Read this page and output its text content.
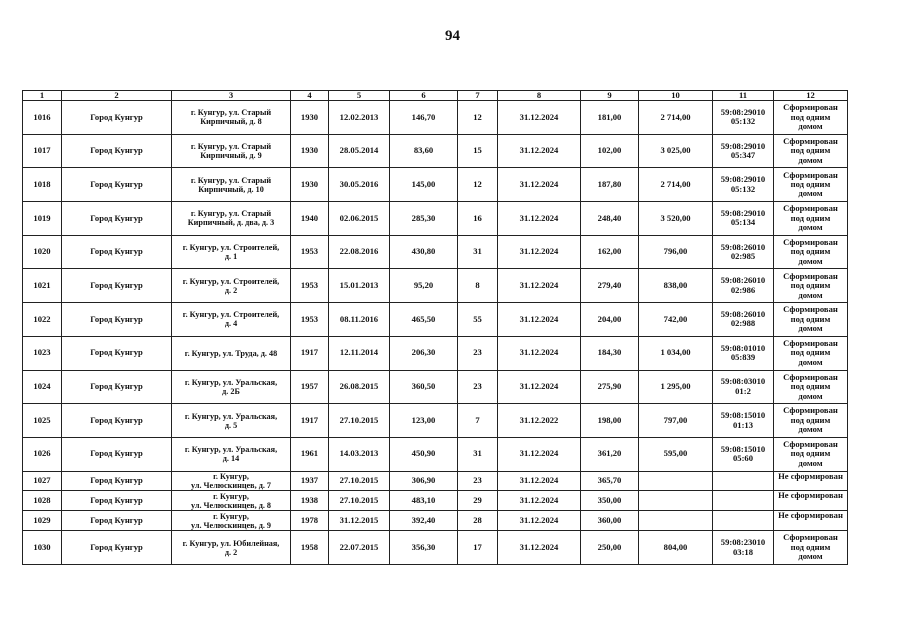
94
1	2	3	4	5	6	7	8	9	10	11	12
1016	Город Кунгур	г. Кунгур, ул. Старый
Кирпичный, д. 8	1930	12.02.2013	146,70	12	31.12.2024	181,00	2 714,00	59:08:29010
05:132	Сформирован
под одним
домом
1017	Город Кунгур	г. Кунгур, ул. Старый
Кирпичный, д. 9	1930	28.05.2014	83,60	15	31.12.2024	102,00	3 025,00	59:08:29010
05:347	Сформирован
под одним
домом
1018	Город Кунгур	г. Кунгур, ул. Старый
Кирпичный, д. 10	1930	30.05.2016	145,00	12	31.12.2024	187,80	2 714,00	59:08:29010
05:132	Сформирован
под одним
домом
1019	Город Кунгур	г. Кунгур, ул. Старый
Кирпичный, д. два, д. 3	1940	02.06.2015	285,30	16	31.12.2024	248,40	3 520,00	59:08:29010
05:134	Сформирован
под одним
домом
1020	Город Кунгур	г. Кунгур, ул. Строителей,
д. 1	1953	22.08.2016	430,80	31	31.12.2024	162,00	796,00	59:08:26010
02:985	Сформирован
под одним
домом
1021	Город Кунгур	г. Кунгур, ул. Строителей,
д. 2	1953	15.01.2013	95,20	8	31.12.2024	279,40	838,00	59:08:26010
02:986	Сформирован
под одним
домом
1022	Город Кунгур	г. Кунгур, ул. Строителей,
д. 4	1953	08.11.2016	465,50	55	31.12.2024	204,00	742,00	59:08:26010
02:988	Сформирован
под одним
домом
1023	Город Кунгур	г. Кунгур, ул. Труда, д. 48	1917	12.11.2014	206,30	23	31.12.2024	184,30	1 034,00	59:08:01010
05:839	Сформирован
под одним
домом
1024	Город Кунгур	г. Кунгур, ул. Уральская,
д. 2Б	1957	26.08.2015	360,50	23	31.12.2024	275,90	1 295,00	59:08:03010
01:2	Сформирован
под одним
домом
1025	Город Кунгур	г. Кунгур, ул. Уральская,
д. 5	1917	27.10.2015	123,00	7	31.12.2022	198,00	797,00	59:08:15010
01:13	Сформирован
под одним
домом
1026	Город Кунгур	г. Кунгур, ул. Уральская,
д. 14	1961	14.03.2013	450,90	31	31.12.2024	361,20	595,00	59:08:15010
05:60	Сформирован
под одним
домом
1027	Город Кунгур	г. Кунгур,
ул. Челюскинцев, д. 7	1937	27.10.2015	306,90	23	31.12.2024	365,70			Не сформирован

1028	Город Кунгур	г. Кунгур,
ул. Челюскинцев, д. 8	1938	27.10.2015	483,10	29	31.12.2024	350,00			Не сформирован

1029	Город Кунгур	г. Кунгур,
ул. Челюскинцев, д. 9	1978	31.12.2015	392,40	28	31.12.2024	360,00			Не сформирован

1030	Город Кунгур	г. Кунгур, ул. Юбилейная,
д. 2	1958	22.07.2015	356,30	17	31.12.2024	250,00	804,00	59:08:23010
03:18	Сформирован
под одним
домом
